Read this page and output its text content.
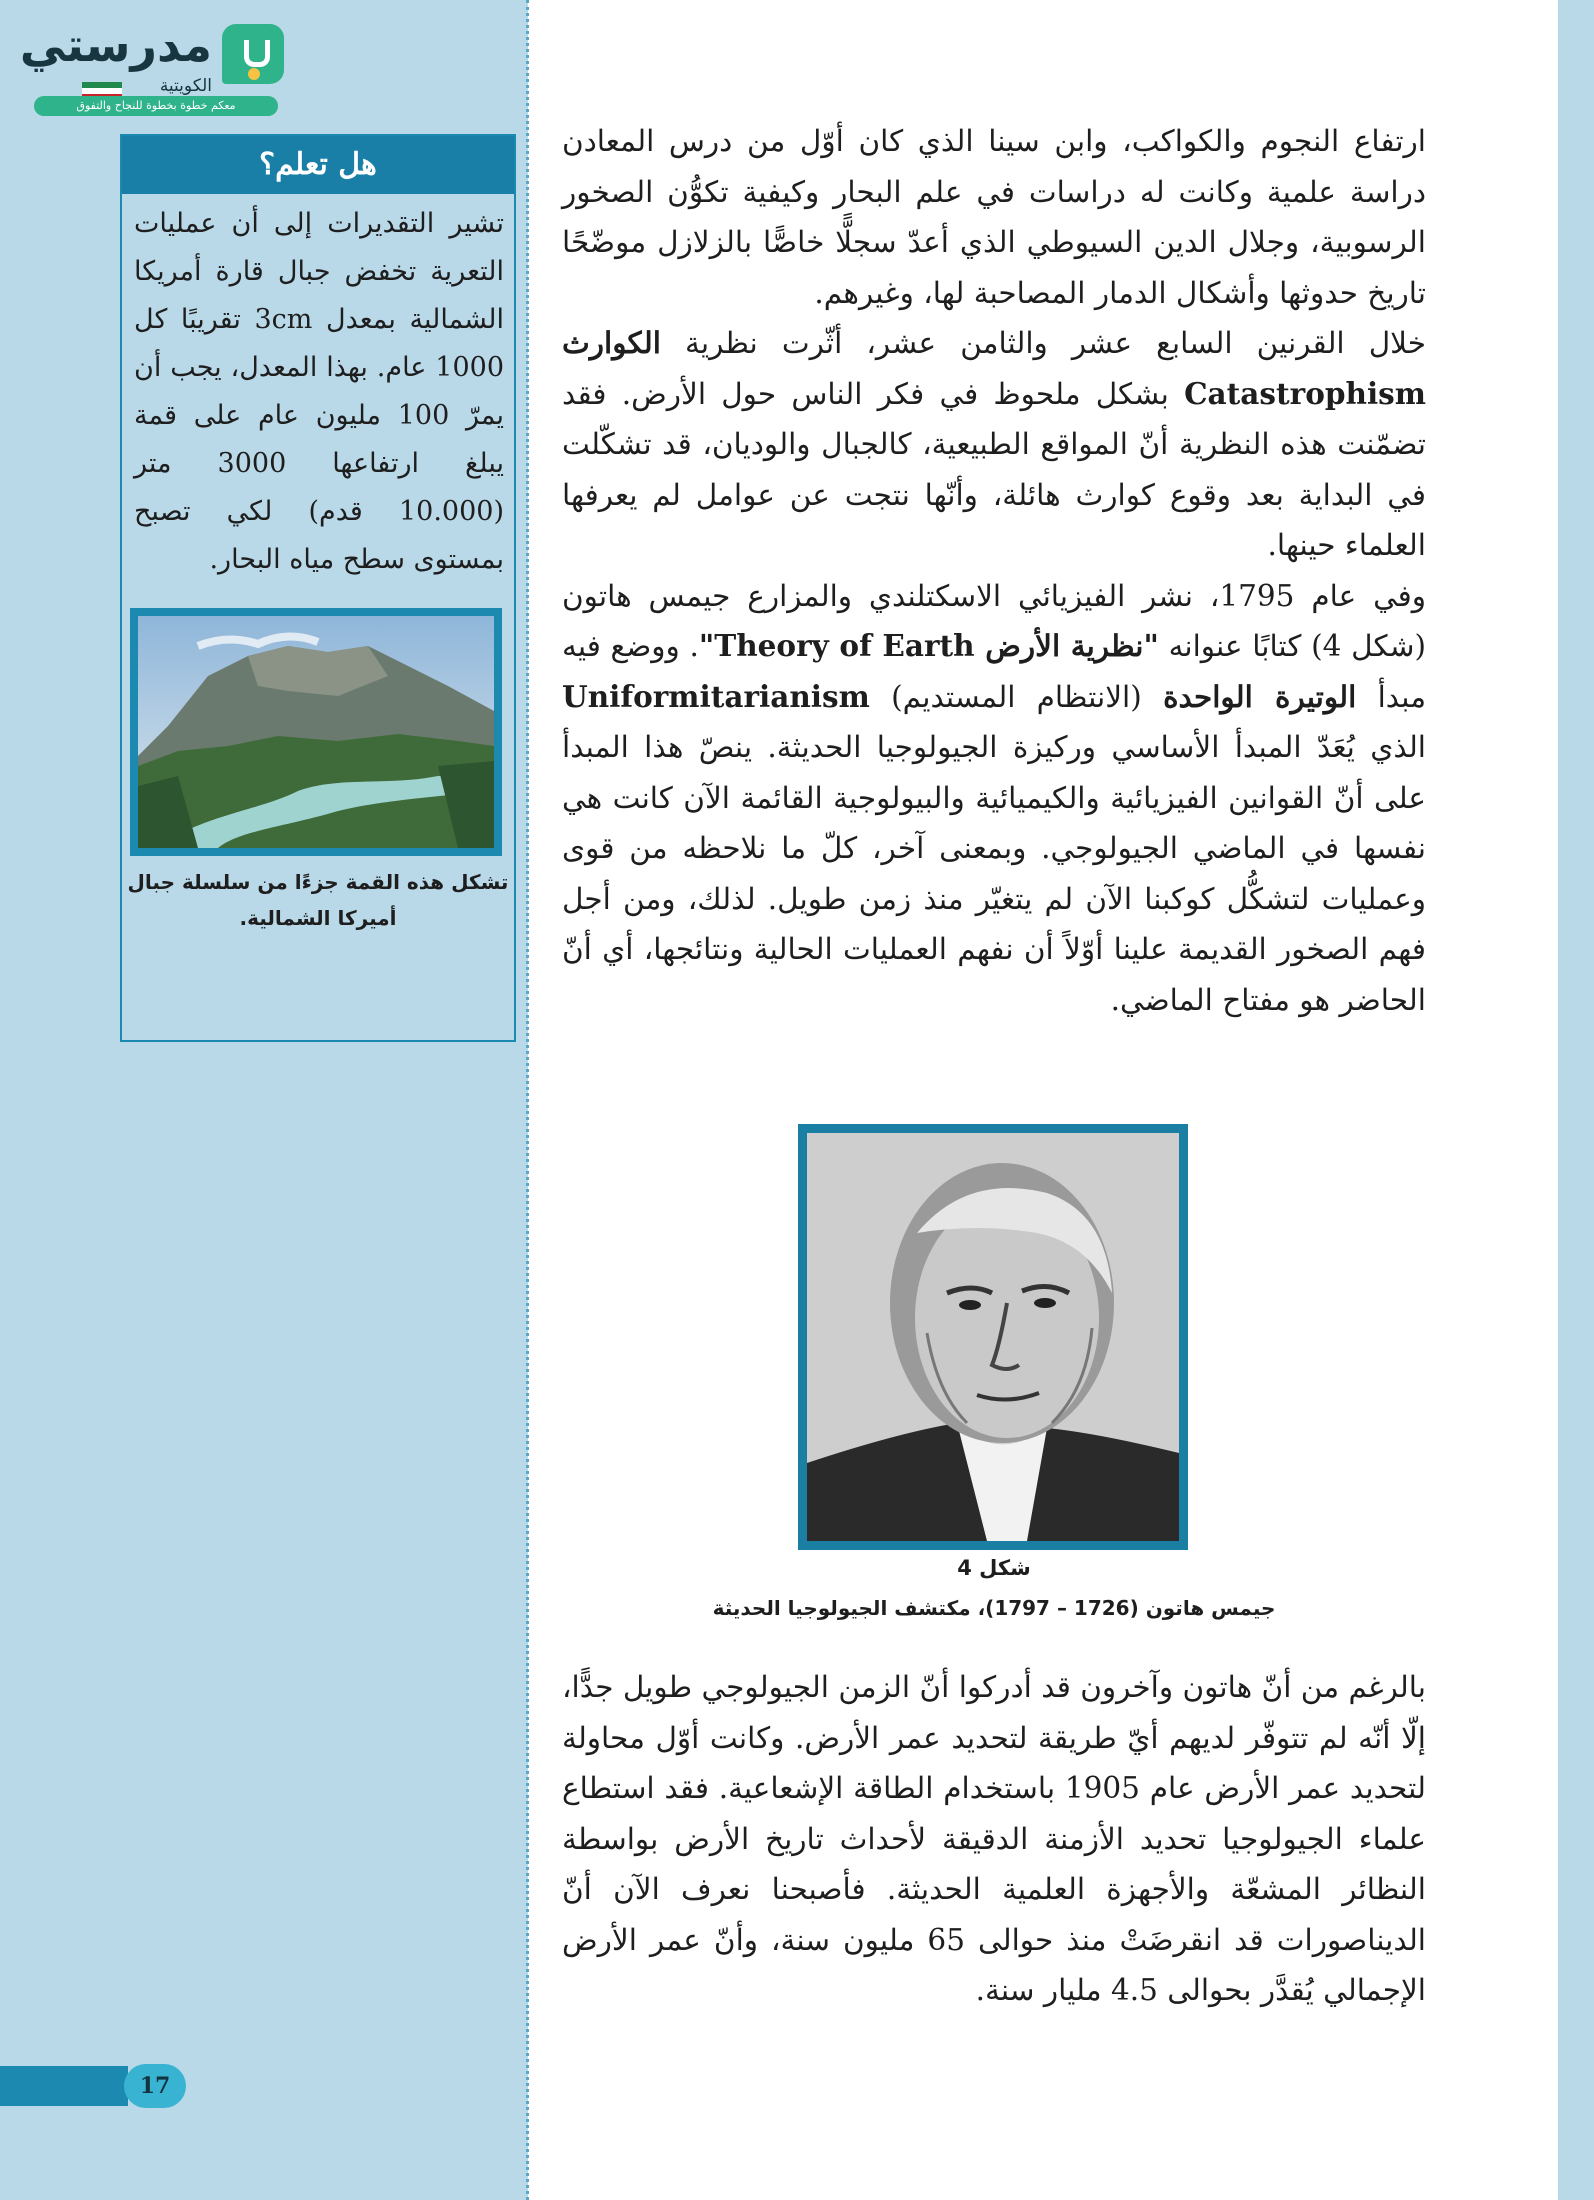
مدرستي
الكويتية
معكم خطوة بخطوة للنجاح والتفوق
هل تعلم؟
تشير التقديرات إلى أن عمليات التعرية تخفض جبال قارة أمريكا الشمالية بمعدل 3cm تقريبًا كل 1000 عام. بهذا المعدل، يجب أن يمرّ 100 مليون عام على قمة يبلغ ارتفاعها 3000 متر (10.000 قدم) لكي تصبح بمستوى سطح مياه البحار.
تشكل هذه القمة جزءًا من سلسلة جبال أميركا الشمالية.

ارتفاع النجوم والكواكب، وابن سينا الذي كان أوّل من درس المعادن دراسة علمية وكانت له دراسات في علم البحار وكيفية تكوُّن الصخور الرسوبية، وجلال الدين السيوطي الذي أعدّ سجلًّا خاصًّا بالزلازل موضّحًا تاريخ حدوثها وأشكال الدمار المصاحبة لها، وغيرهم.

خلال القرنين السابع عشر والثامن عشر، أثّرت نظرية الكوارث Catastrophism بشكل ملحوظ في فكر الناس حول الأرض. فقد تضمّنت هذه النظرية أنّ المواقع الطبيعية، كالجبال والوديان، قد تشكّلت في البداية بعد وقوع كوارث هائلة، وأنّها نتجت عن عوامل لم يعرفها العلماء حينها.

وفي عام 1795، نشر الفيزيائي الاسكتلندي والمزارع جيمس هاتون (شكل 4) كتابًا عنوانه "نظرية الأرض Theory of Earth". ووضع فيه مبدأ الوتيرة الواحدة (الانتظام المستديم) Uniformitarianism الذي يُعَدّ المبدأ الأساسي وركيزة الجيولوجيا الحديثة. ينصّ هذا المبدأ على أنّ القوانين الفيزيائية والكيميائية والبيولوجية القائمة الآن كانت هي نفسها في الماضي الجيولوجي. وبمعنى آخر، كلّ ما نلاحظه من قوى وعمليات لتشكُّل كوكبنا الآن لم يتغيّر منذ زمن طويل. لذلك، ومن أجل فهم الصخور القديمة علينا أوّلاً أن نفهم العمليات الحالية ونتائجها، أي أنّ الحاضر هو مفتاح الماضي.

شكل 4
جيمس هاتون (1726 – 1797)، مكتشف الجيولوجيا الحديثة

بالرغم من أنّ هاتون وآخرون قد أدركوا أنّ الزمن الجيولوجي طويل جدًّا، إلّا أنّه لم تتوفّر لديهم أيّ طريقة لتحديد عمر الأرض. وكانت أوّل محاولة لتحديد عمر الأرض عام 1905 باستخدام الطاقة الإشعاعية. فقد استطاع علماء الجيولوجيا تحديد الأزمنة الدقيقة لأحداث تاريخ الأرض بواسطة النظائر المشعّة والأجهزة العلمية الحديثة. فأصبحنا نعرف الآن أنّ الديناصورات قد انقرضَتْ منذ حوالى 65 مليون سنة، وأنّ عمر الأرض الإجمالي يُقدَّر بحوالى 4.5 مليار سنة.

17
